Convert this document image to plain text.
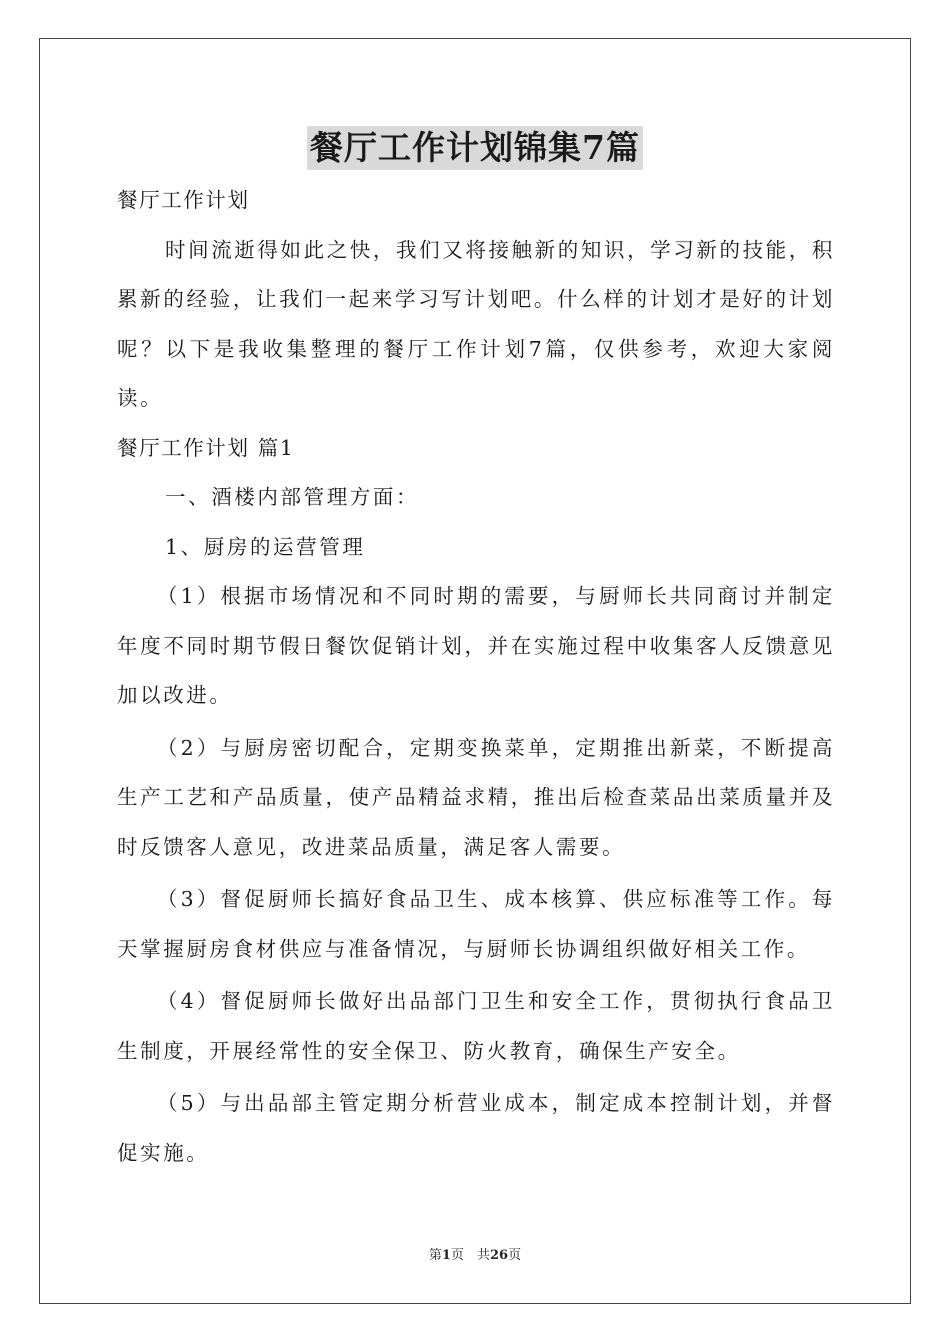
餐厅工作计划锦集7篇

餐厅工作计划

时间流逝得如此之快，我们又将接触新的知识，学习新的技能，积累新的经验，让我们一起来学习写计划吧。什么样的计划才是好的计划呢？以下是我收集整理的餐厅工作计划7篇，仅供参考，欢迎大家阅读。

餐厅工作计划 篇1

一、酒楼内部管理方面：

1、厨房的运营管理

（1）根据市场情况和不同时期的需要，与厨师长共同商讨并制定年度不同时期节假日餐饮促销计划，并在实施过程中收集客人反馈意见加以改进。

（2）与厨房密切配合，定期变换菜单，定期推出新菜，不断提高生产工艺和产品质量，使产品精益求精，推出后检查菜品出菜质量并及时反馈客人意见，改进菜品质量，满足客人需要。

（3）督促厨师长搞好食品卫生、成本核算、供应标准等工作。每天掌握厨房食材供应与准备情况，与厨师长协调组织做好相关工作。

（4）督促厨师长做好出品部门卫生和安全工作，贯彻执行食品卫生制度，开展经常性的安全保卫、防火教育，确保生产安全。

（5）与出品部主管定期分析营业成本，制定成本控制计划，并督促实施。

第1页　共26页
